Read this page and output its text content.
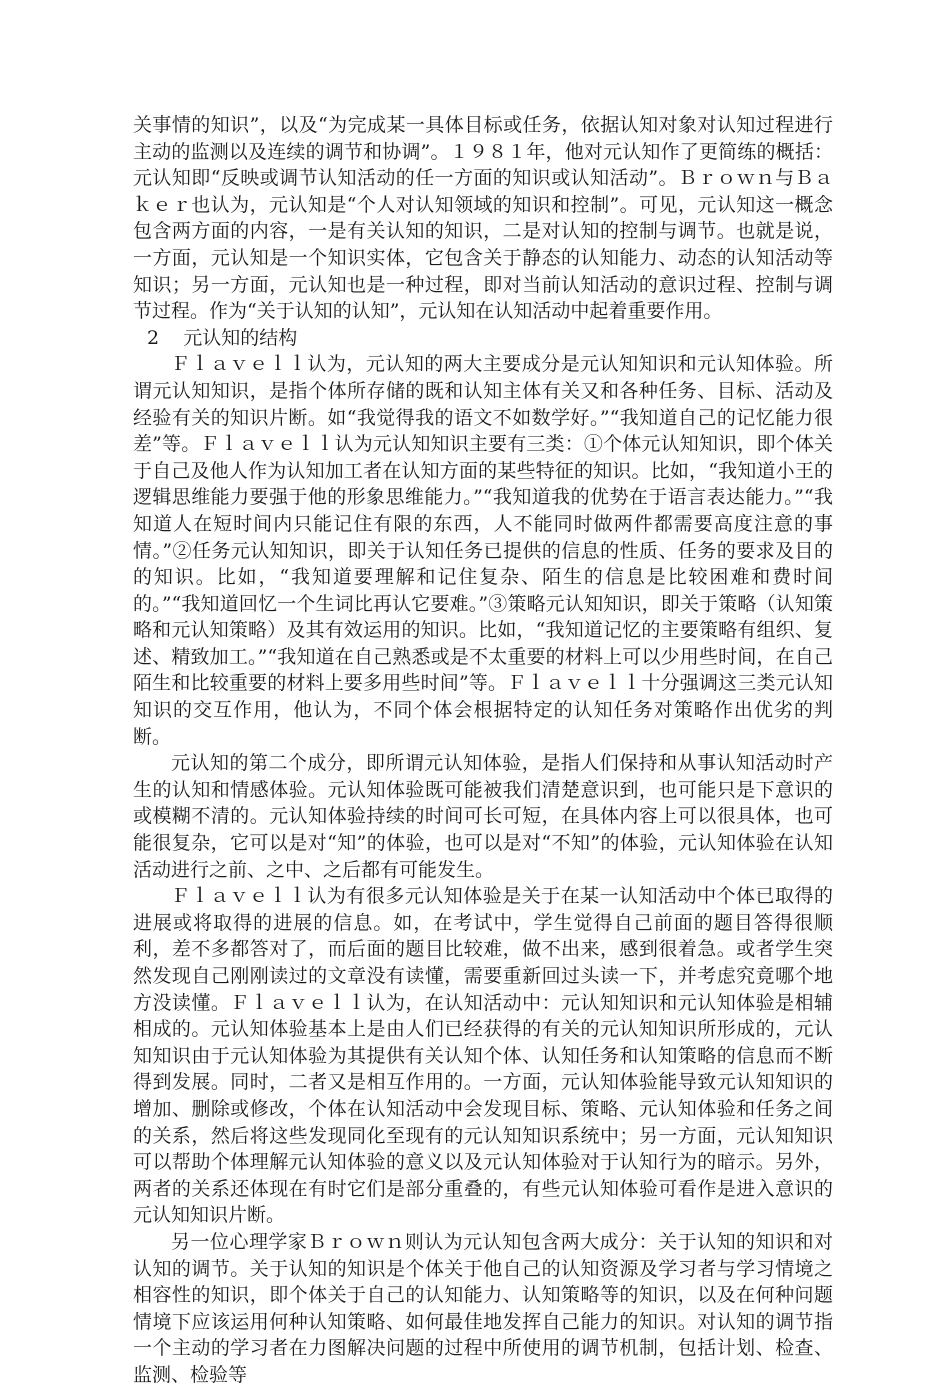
关事情的知识”，以及“为完成某一具体目标或任务，依据认知对象对认知过程进行主动的监测以及连续的调节和协调”。１９８１年，他对元认知作了更简练的概括：元认知即“反映或调节认知活动的任一方面的知识或认知活动”。Ｂｒｏｗｎ与Ｂａｋｅｒ也认为，元认知是“个人对认知领域的知识和控制”。可见，元认知这一概念包含两方面的内容，一是有关认知的知识，二是对认知的控制与调节。也就是说，一方面，元认知是一个知识实体，它包含关于静态的认知能力、动态的认知活动等知识；另一方面，元认知也是一种过程，即对当前认知活动的意识过程、控制与调节过程。作为“关于认知的认知”，元认知在认知活动中起着重要作用。

2    元认知的结构

Ｆｌａｖｅｌｌ认为，元认知的两大主要成分是元认知知识和元认知体验。所谓元认知知识，是指个体所存储的既和认知主体有关又和各种任务、目标、活动及经验有关的知识片断。如“我觉得我的语文不如数学好。”“我知道自己的记忆能力很差”等。Ｆｌａｖｅｌｌ认为元认知知识主要有三类：①个体元认知知识，即个体关于自己及他人作为认知加工者在认知方面的某些特征的知识。比如，“我知道小王的逻辑思维能力要强于他的形象思维能力。”“我知道我的优势在于语言表达能力。”“我知道人在短时间内只能记住有限的东西，人不能同时做两件都需要高度注意的事情。”②任务元认知知识，即关于认知任务已提供的信息的性质、任务的要求及目的的知识。比如，“我知道要理解和记住复杂、陌生的信息是比较困难和费时间的。”“我知道回忆一个生词比再认它要难。”③策略元认知知识，即关于策略（认知策略和元认知策略）及其有效运用的知识。比如，“我知道记忆的主要策略有组织、复述、精致加工。”“我知道在自己熟悉或是不太重要的材料上可以少用些时间，在自己陌生和比较重要的材料上要多用些时间”等。Ｆｌａｖｅｌｌ十分强调这三类元认知知识的交互作用，他认为，不同个体会根据特定的认知任务对策略作出优劣的判断。

元认知的第二个成分，即所谓元认知体验，是指人们保持和从事认知活动时产生的认知和情感体验。元认知体验既可能被我们清楚意识到，也可能只是下意识的或模糊不清的。元认知体验持续的时间可长可短，在具体内容上可以很具体，也可能很复杂，它可以是对“知”的体验，也可以是对“不知”的体验，元认知体验在认知活动进行之前、之中、之后都有可能发生。

Ｆｌａｖｅｌｌ认为有很多元认知体验是关于在某一认知活动中个体已取得的进展或将取得的进展的信息。如，在考试中，学生觉得自己前面的题目答得很顺利，差不多都答对了，而后面的题目比较难，做不出来，感到很着急。或者学生突然发现自己刚刚读过的文章没有读懂，需要重新回过头读一下，并考虑究竟哪个地方没读懂。Ｆｌａｖｅｌｌ认为，在认知活动中：元认知知识和元认知体验是相辅相成的。元认知体验基本上是由人们已经获得的有关的元认知知识所形成的，元认知知识由于元认知体验为其提供有关认知个体、认知任务和认知策略的信息而不断得到发展。同时，二者又是相互作用的。一方面，元认知体验能导致元认知知识的增加、删除或修改，个体在认知活动中会发现目标、策略、元认知体验和任务之间的关系，然后将这些发现同化至现有的元认知知识系统中；另一方面，元认知知识可以帮助个体理解元认知体验的意义以及元认知体验对于认知行为的暗示。另外，两者的关系还体现在有时它们是部分重叠的，有些元认知体验可看作是进入意识的元认知知识片断。

另一位心理学家Ｂｒｏｗｎ则认为元认知包含两大成分：关于认知的知识和对认知的调节。关于认知的知识是个体关于他自己的认知资源及学习者与学习情境之相容性的知识，即个体关于自己的认知能力、认知策略等的知识，以及在何种问题情境下应该运用何种认知策略、如何最佳地发挥自己能力的知识。对认知的调节指一个主动的学习者在力图解决问题的过程中所使用的调节机制，包括计划、检查、监测、检验等
